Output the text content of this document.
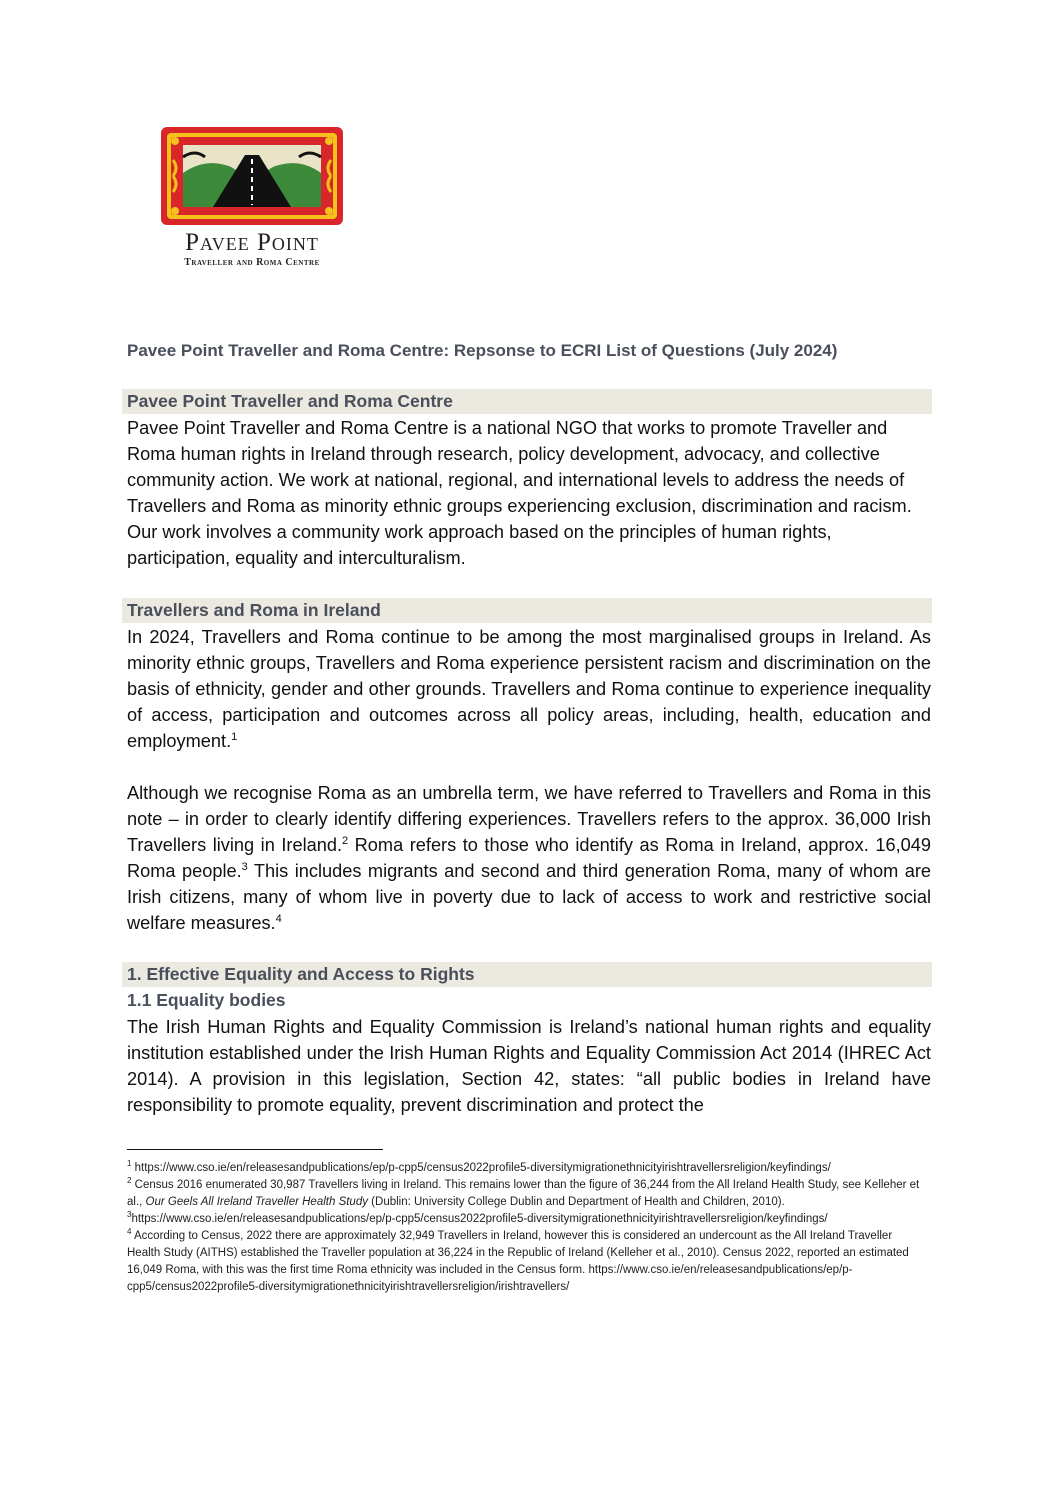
Pavee Point
Traveller and Roma Centre
Pavee Point Traveller and Roma Centre: Repsonse to ECRI List of Questions (July 2024)
Pavee Point Traveller and Roma Centre
Pavee Point Traveller and Roma Centre is a national NGO that works to promote Traveller and Roma human rights in Ireland through research, policy development, advocacy, and collective community action. We work at national, regional, and international levels to address the needs of Travellers and Roma as minority ethnic groups experiencing exclusion, discrimination and racism. Our work involves a community work approach based on the principles of human rights, participation, equality and interculturalism.
Travellers and Roma in Ireland
In 2024, Travellers and Roma continue to be among the most marginalised groups in Ireland. As minority ethnic groups, Travellers and Roma experience persistent racism and discrimination on the basis of ethnicity, gender and other grounds. Travellers and Roma continue to experience inequality of access, participation and outcomes across all policy areas, including, health, education and employment.$^1$
Although we recognise Roma as an umbrella term, we have referred to Travellers and Roma in this note – in order to clearly identify differing experiences. Travellers refers to the approx. 36,000 Irish Travellers living in Ireland.$^2$ Roma refers to those who identify as Roma in Ireland, approx. 16,049 Roma people.$^3$ This includes migrants and second and third generation Roma, many of whom are Irish citizens, many of whom live in poverty due to lack of access to work and restrictive social welfare measures.$^4$
1. Effective Equality and Access to Rights
1.1 Equality bodies
The Irish Human Rights and Equality Commission is Ireland’s national human rights and equality institution established under the Irish Human Rights and Equality Commission Act 2014 (IHREC Act 2014). A provision in this legislation, Section 42, states: “all public bodies in Ireland have responsibility to promote equality, prevent discrimination and protect the

$^1$ https://www.cso.ie/en/releasesandpublications/ep/p-cpp5/census2022profile5-diversitymigrationethnicityirishtravellersreligion/keyfindings/

$^2$ Census 2016 enumerated 30,987 Travellers living in Ireland. This remains lower than the figure of 36,244 from the All Ireland Health Study, see Kelleher et al., Our Geels All Ireland Traveller Health Study (Dublin: University College Dublin and Department of Health and Children, 2010).

$^3$https://www.cso.ie/en/releasesandpublications/ep/p-cpp5/census2022profile5-diversitymigrationethnicityirishtravellersreligion/keyfindings/

$^4$ According to Census, 2022 there are approximately 32,949 Travellers in Ireland, however this is considered an undercount as the All Ireland Traveller Health Study (AITHS) established the Traveller population at 36,224 in the Republic of Ireland (Kelleher et al., 2010). Census 2022, reported an estimated 16,049 Roma, with this was the first time Roma ethnicity was included in the Census form. https://www.cso.ie/en/releasesandpublications/ep/p-cpp5/census2022profile5-diversitymigrationethnicityirishtravellersreligion/irishtravellers/
